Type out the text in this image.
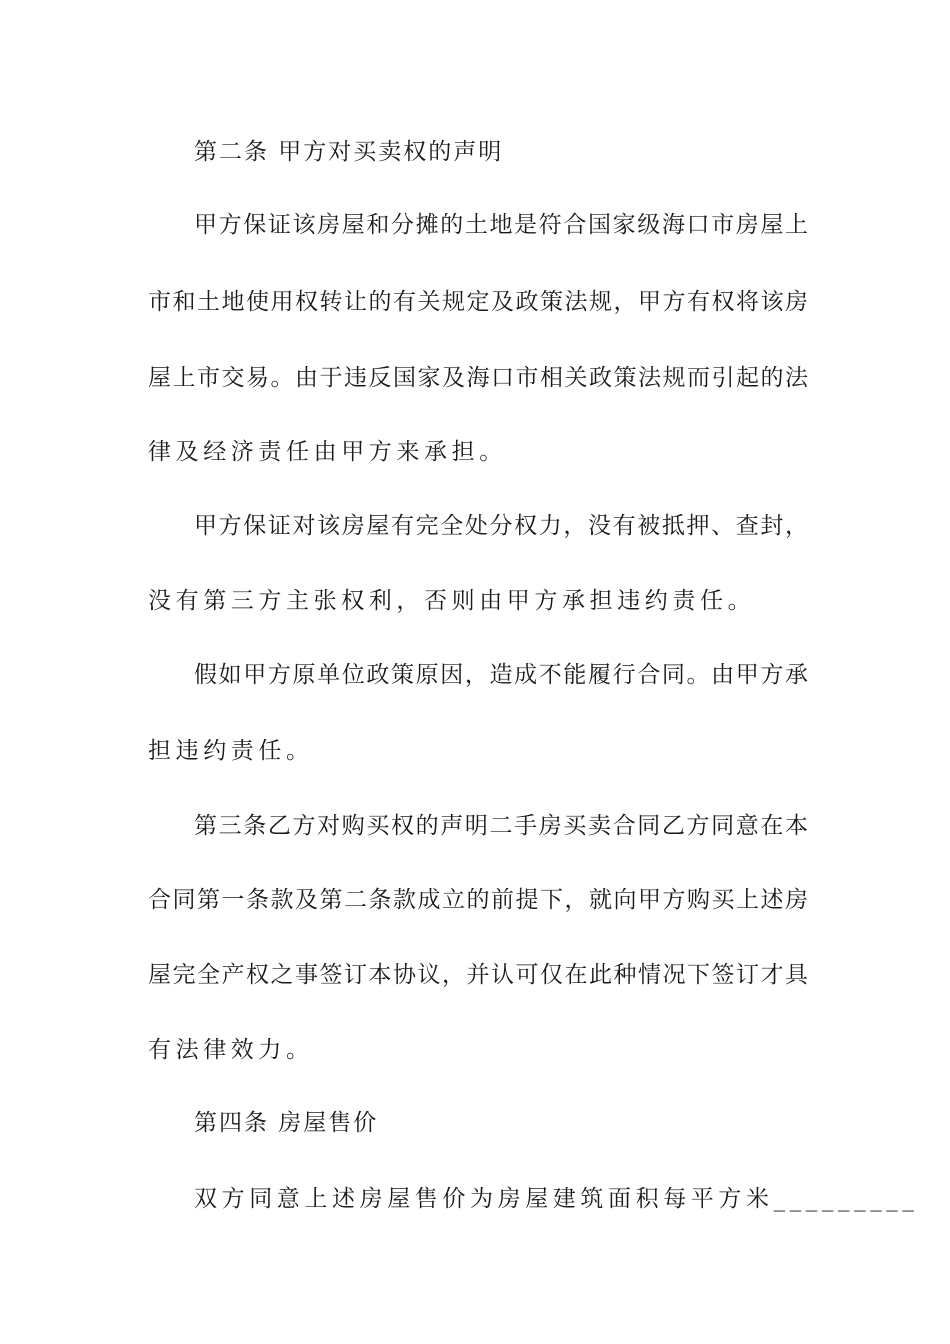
第二条 甲方对买卖权的声明
甲方保证该房屋和分摊的土地是符合国家级海口市房屋上
市和土地使用权转让的有关规定及政策法规，甲方有权将该房
屋上市交易。由于违反国家及海口市相关政策法规而引起的法
律及经济责任由甲方来承担。
甲方保证对该房屋有完全处分权力，没有被抵押、查封，
没有第三方主张权利，否则由甲方承担违约责任。
假如甲方原单位政策原因，造成不能履行合同。由甲方承
担违约责任。
第三条乙方对购买权的声明二手房买卖合同乙方同意在本
合同第一条款及第二条款成立的前提下，就向甲方购买上述房
屋完全产权之事签订本协议，并认可仅在此种情况下签订才具
有法律效力。
第四条 房屋售价
双方同意上述房屋售价为房屋建筑面积每平方米_________
